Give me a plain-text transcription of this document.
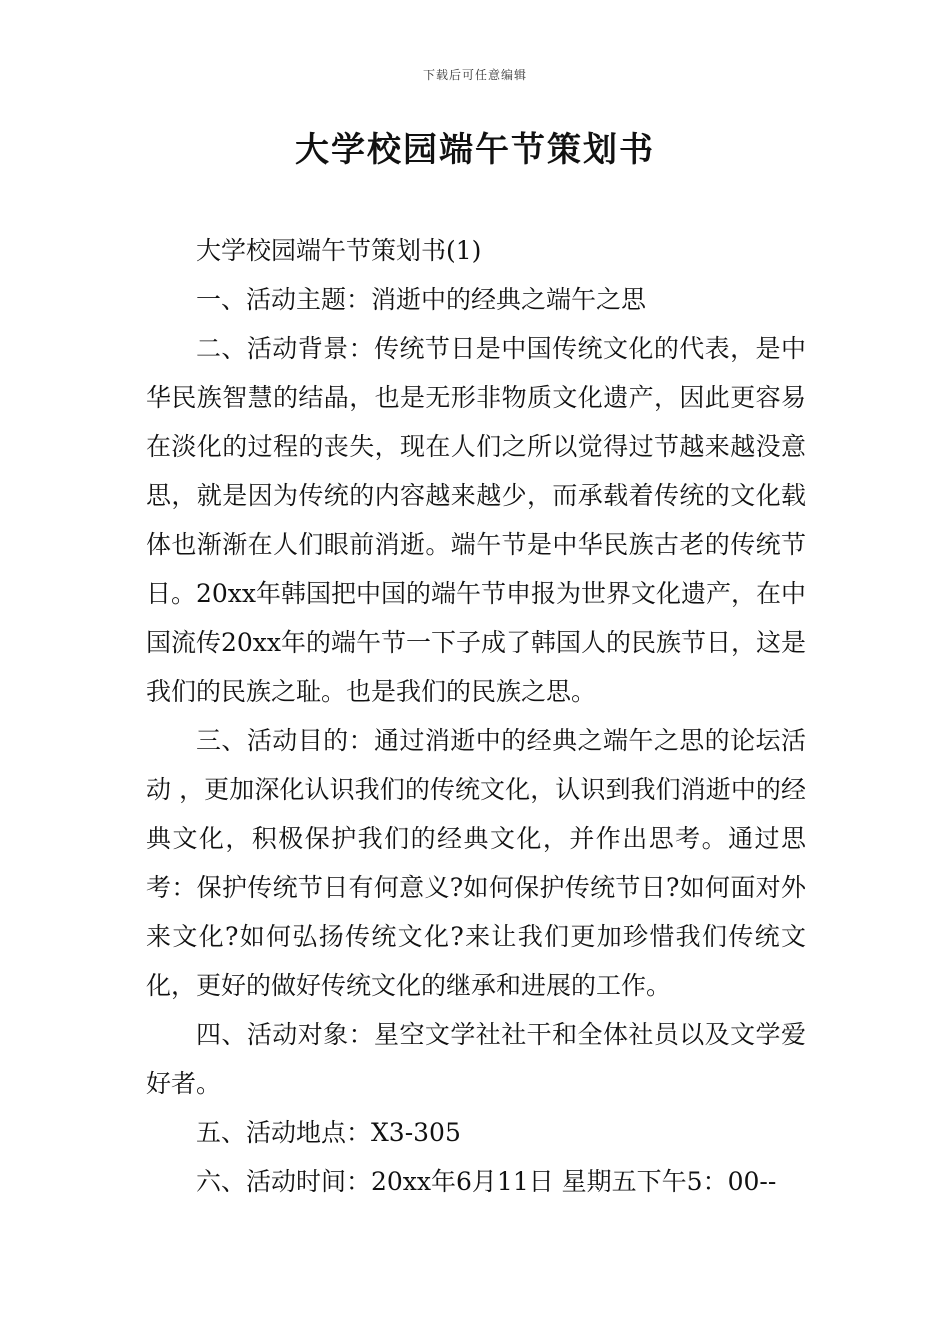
下载后可任意编辑
大学校园端午节策划书

大学校园端午节策划书(1)

一、活动主题：消逝中的经典之端午之思

二、活动背景：传统节日是中国传统文化的代表，是中华民族智慧的结晶，也是无形非物质文化遗产，因此更容易在淡化的过程的丧失，现在人们之所以觉得过节越来越没意思，就是因为传统的内容越来越少，而承载着传统的文化载体也渐渐在人们眼前消逝。端午节是中华民族古老的传统节日。20xx年韩国把中国的端午节申报为世界文化遗产，在中国流传20xx年的端午节一下子成了韩国人的民族节日，这是我们的民族之耻。也是我们的民族之思。

三、活动目的：通过消逝中的经典之端午之思的论坛活动 ，更加深化认识我们的传统文化，认识到我们消逝中的经典文化，积极保护我们的经典文化，并作出思考。通过思考：保护传统节日有何意义?如何保护传统节日?如何面对外来文化?如何弘扬传统文化?来让我们更加珍惜我们传统文化，更好的做好传统文化的继承和进展的工作。

四、活动对象：星空文学社社干和全体社员以及文学爱好者。

五、活动地点：X3-305

六、活动时间：20xx年6月11日 星期五下午5：00--
